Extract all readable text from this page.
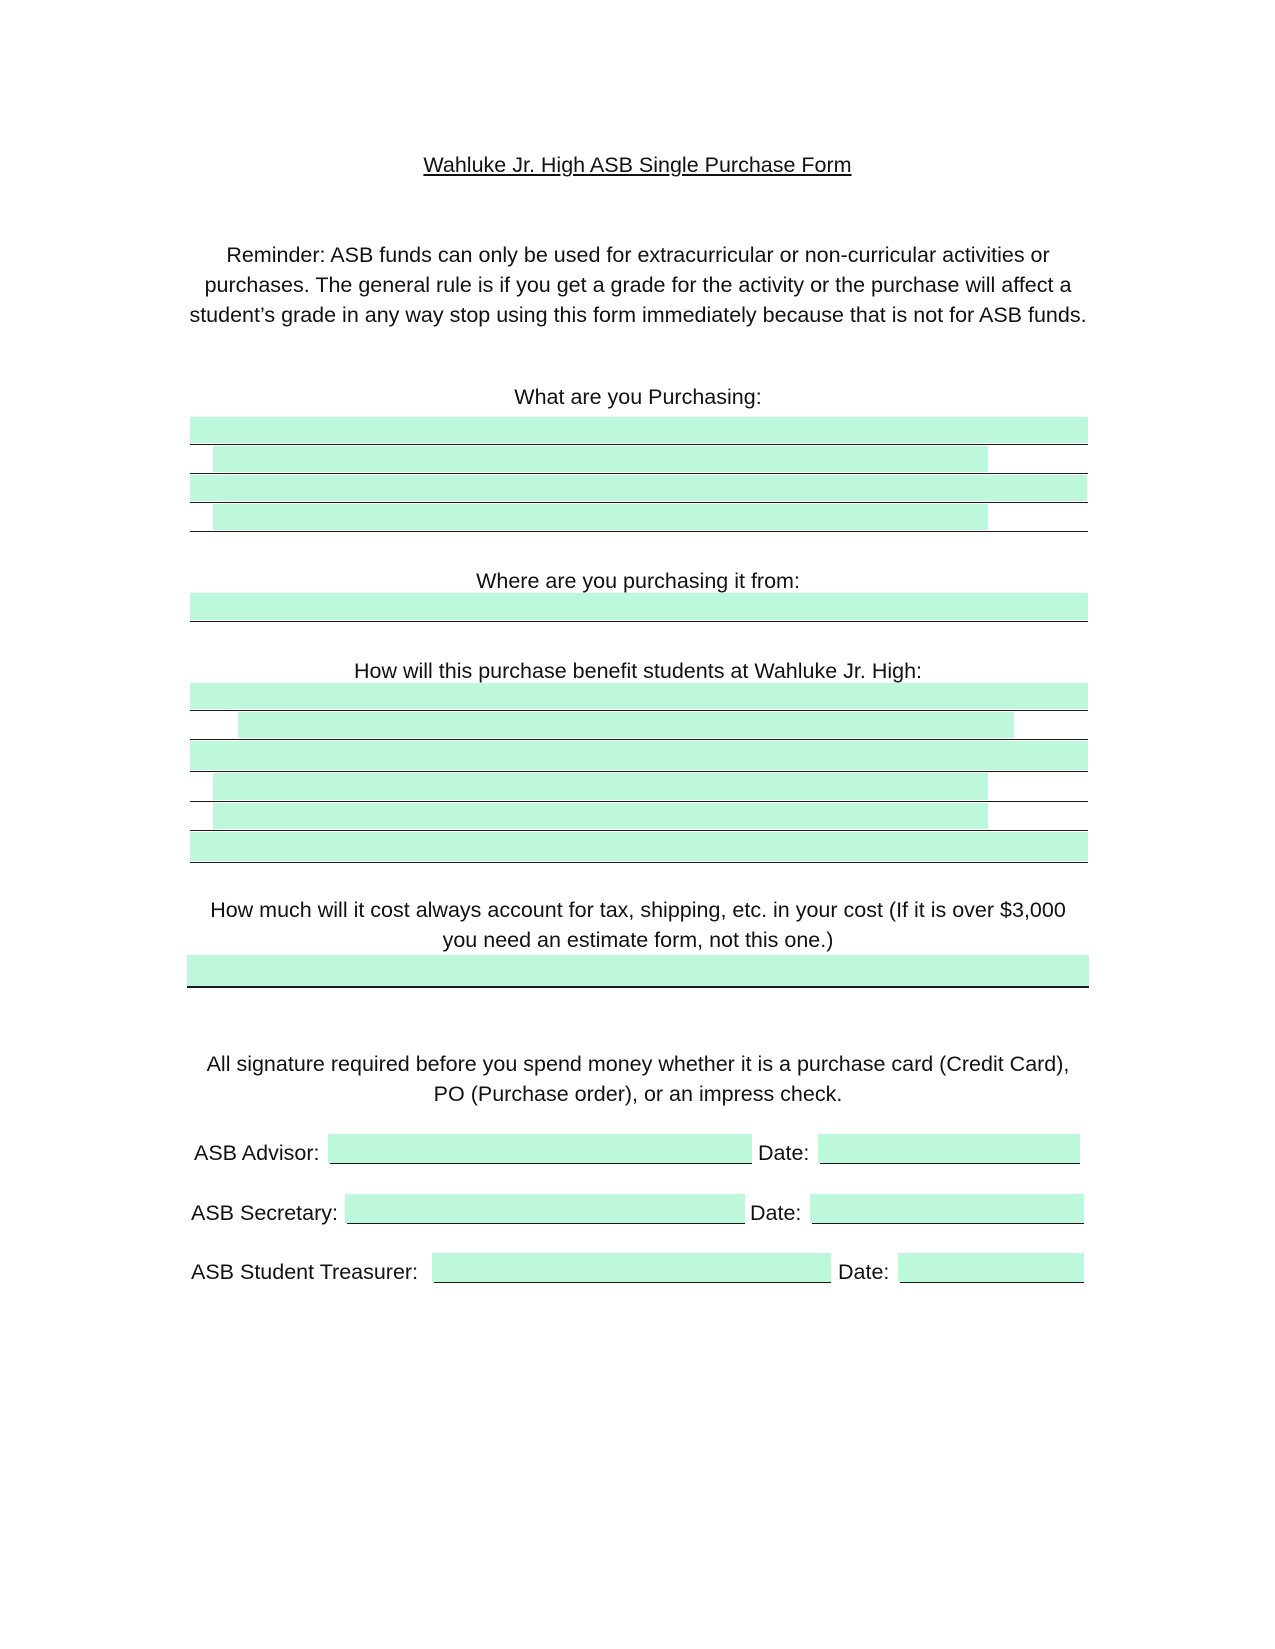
Wahluke Jr. High ASB Single Purchase Form
Reminder: ASB funds can only be used for extracurricular or non-curricular activities or purchases. The general rule is if you get a grade for the activity or the purchase will affect a student’s grade in any way stop using this form immediately because that is not for ASB funds.
What are you Purchasing:
Where are you purchasing it from:
How will this purchase benefit students at Wahluke Jr. High:
How much will it cost always account for tax, shipping, etc. in your cost (If it is over $3,000 you need an estimate form, not this one.)
All signature required before you spend money whether it is a purchase card (Credit Card), PO (Purchase order), or an impress check.
ASB Advisor:	Date:
ASB Secretary:	Date:
ASB Student Treasurer:	Date:
